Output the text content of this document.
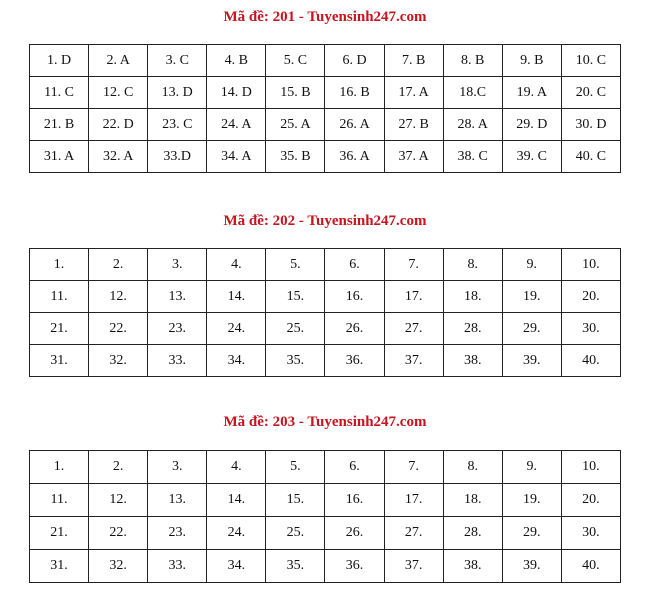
Mã đề: 201 - Tuyensinh247.com
1. D	2. A	3. C	4. B	5. C	6. D	7. B	8. B	9. B	10. C
11. C	12. C	13. D	14. D	15. B	16. B	17. A	18.C	19. A	20. C
21. B	22. D	23. C	24. A	25. A	26. A	27. B	28. A	29. D	30. D
31. A	32. A	33.D	34. A	35. B	36. A	37. A	38. C	39. C	40. C
Mã đề: 202 - Tuyensinh247.com
1.	2.	3.	4.	5.	6.	7.	8.	9.	10.
11.	12.	13.	14.	15.	16.	17.	18.	19.	20.
21.	22.	23.	24.	25.	26.	27.	28.	29.	30.
31.	32.	33.	34.	35.	36.	37.	38.	39.	40.
Mã đề: 203 - Tuyensinh247.com
1.	2.	3.	4.	5.	6.	7.	8.	9.	10.
11.	12.	13.	14.	15.	16.	17.	18.	19.	20.
21.	22.	23.	24.	25.	26.	27.	28.	29.	30.
31.	32.	33.	34.	35.	36.	37.	38.	39.	40.
